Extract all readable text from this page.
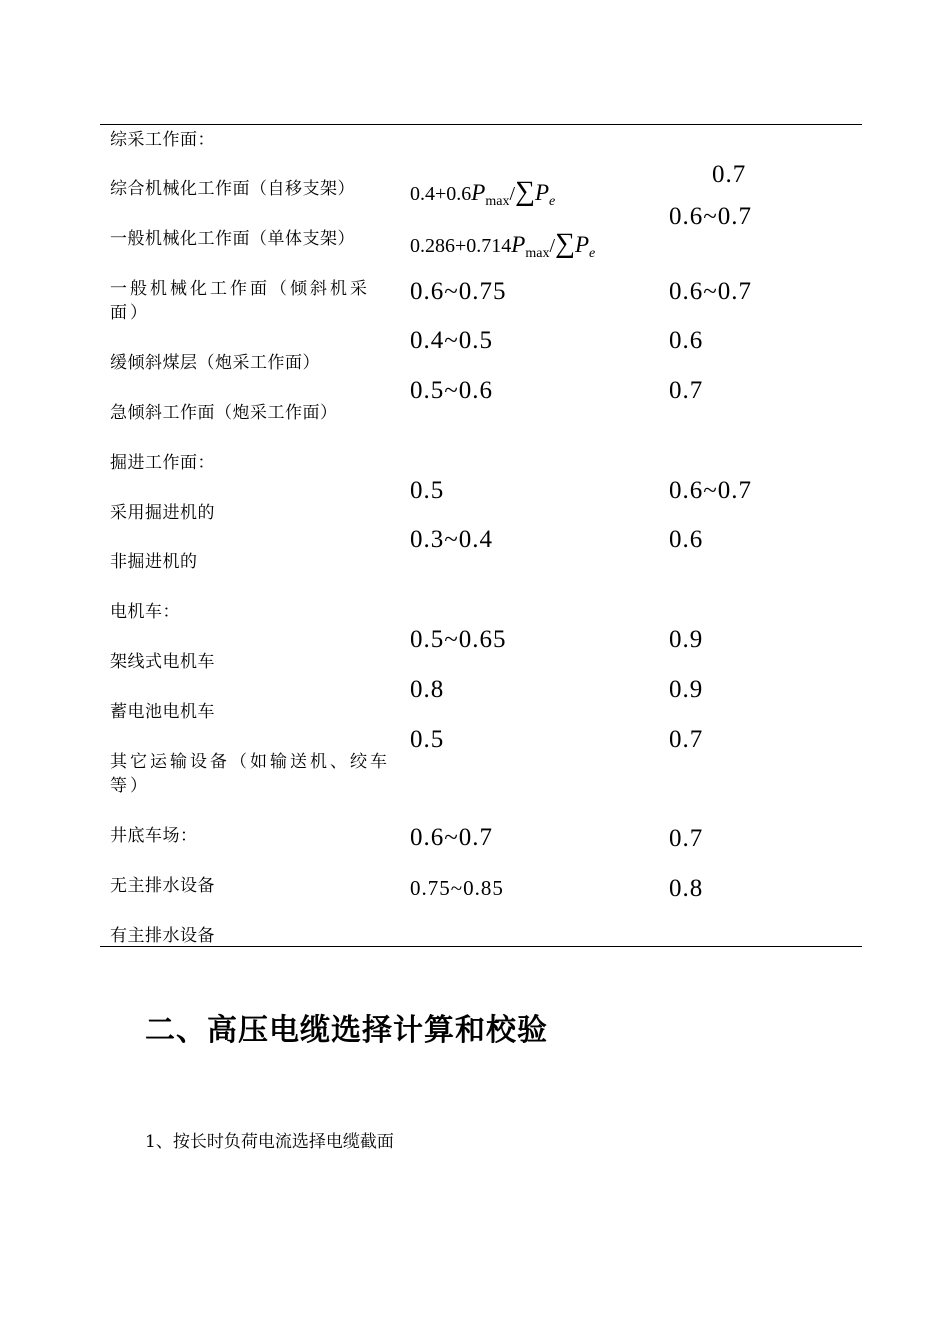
综采工作面：
综合机械化工作面（自移支架）
一般机械化工作面（单体支架）
一般机械化工作面（倾斜机采面）
缓倾斜煤层（炮采工作面）
急倾斜工作面（炮采工作面）
掘进工作面：
采用掘进机的
非掘进机的
电机车：
架线式电机车
蓄电池电机车
其它运输设备（如输送机、绞车等）
井底车场：
无主排水设备
有主排水设备
$0.4+0.6P_{max}/\sum P_e$
$0.286+0.714P_{max}/\sum P_e$
0.6~0.75
0.4~0.5
0.5~0.6
0.5
0.3~0.4
0.5~0.65
0.8
0.5
0.6~0.7
0.75~0.85
0.7
0.6~0.7
0.6~0.7
0.6
0.7
0.6~0.7
0.6
0.9
0.9
0.7
0.7
0.8
二、高压电缆选择计算和校验
1、按长时负荷电流选择电缆截面
